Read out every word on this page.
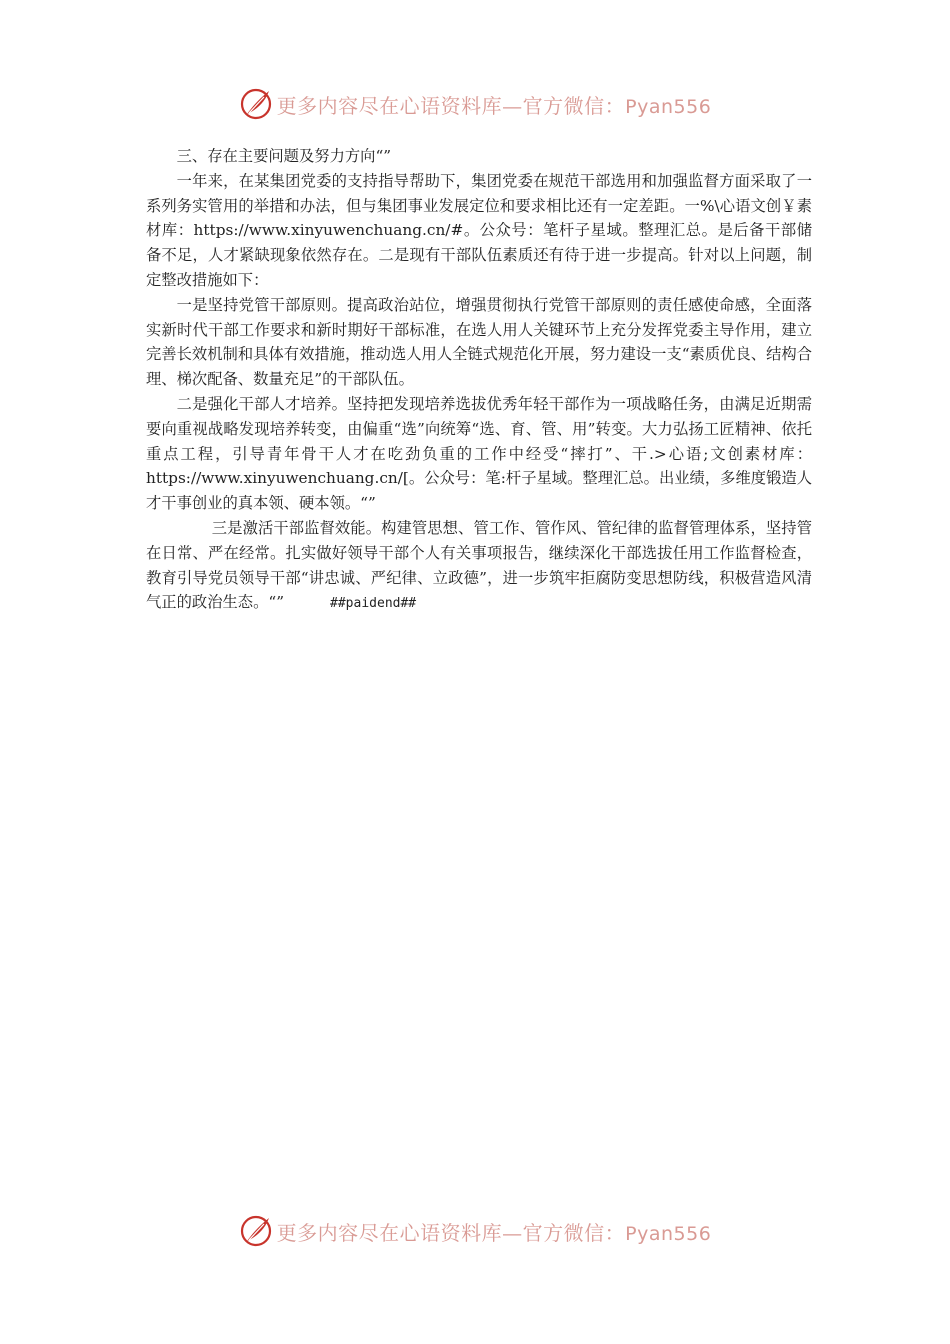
更多内容尽在心语资料库—官方微信：Pyan556

三、存在主要问题及努力方向“”

一年来，在某集团党委的支持指导帮助下，集团党委在规范干部选用和加强监督方面采取了一系列务实管用的举措和办法，但与集团事业发展定位和要求相比还有一定差距。一%\心语文创￥素材库：https://www.xinyuwenchuang.cn/#。公众号：笔杆子星域。整理汇总。是后备干部储备不足，人才紧缺现象依然存在。二是现有干部队伍素质还有待于进一步提高。针对以上问题，制定整改措施如下：

一是坚持党管干部原则。提高政治站位，增强贯彻执行党管干部原则的责任感使命感，全面落实新时代干部工作要求和新时期好干部标准，在选人用人关键环节上充分发挥党委主导作用，建立完善长效机制和具体有效措施，推动选人用人全链式规范化开展，努力建设一支“素质优良、结构合理、梯次配备、数量充足”的干部队伍。

二是强化干部人才培养。坚持把发现培养选拔优秀年轻干部作为一项战略任务，由满足近期需要向重视战略发现培养转变，由偏重“选”向统筹“选、育、管、用”转变。大力弘扬工匠精神、依托重点工程，引导青年骨干人才在吃劲负重的工作中经受“摔打”、干.>心语;文创素材库：https://www.xinyuwenchuang.cn/[。公众号：笔:杆子星域。整理汇总。出业绩，多维度锻造人才干事创业的真本领、硬本领。“”

三是激活干部监督效能。构建管思想、管工作、管作风、管纪律的监督管理体系，坚持管在日常、严在经常。扎实做好领导干部个人有关事项报告，继续深化干部选拔任用工作监督检查，教育引导党员领导干部“讲忠诚、严纪律、立政德”，进一步筑牢拒腐防变思想防线，积极营造风清气正的政治生态。“”	##paidend##

更多内容尽在心语资料库—官方微信：Pyan556
